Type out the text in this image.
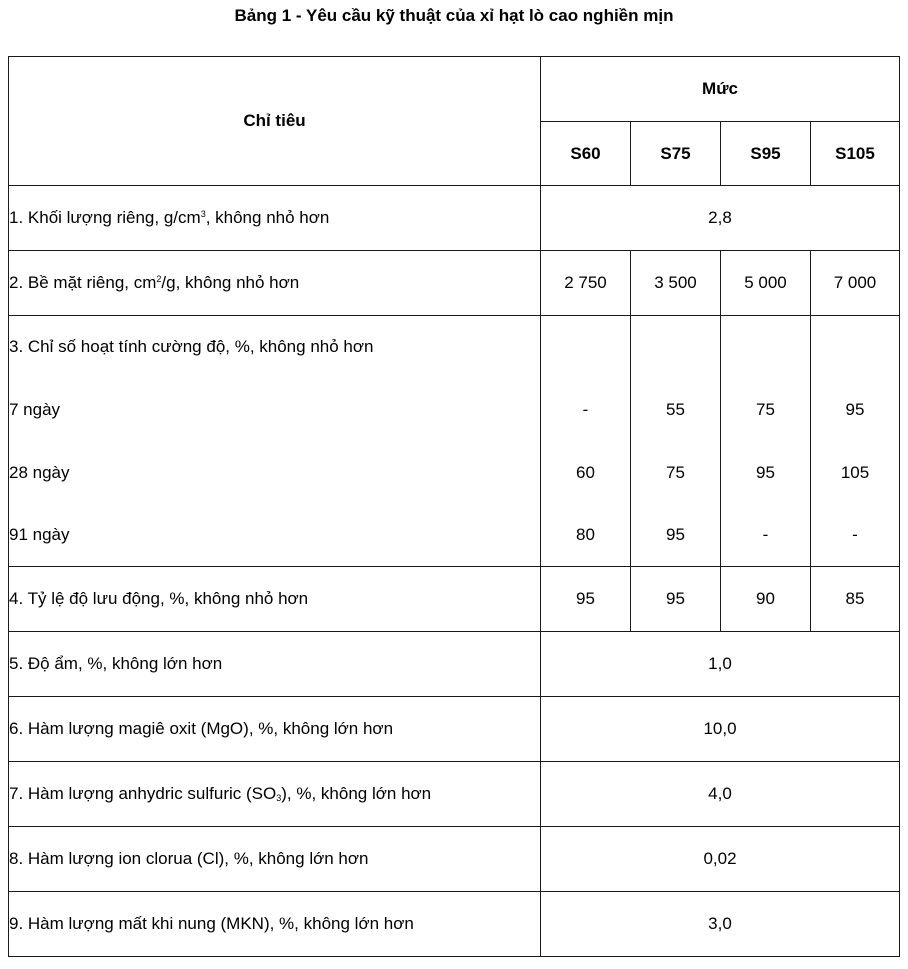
Bảng 1 - Yêu cầu kỹ thuật của xỉ hạt lò cao nghiền mịn
Chỉ tiêu	Mức			
	S60	S75	S95	S105
1. Khối lượng riêng, $g/cm^3$, không nhỏ hơn	2,8			
2. Bề mặt riêng, $cm^2/g$, không nhỏ hơn	2 750	3 500	5 000	7 000
3. Chỉ số hoạt tính cường độ, %, không nhỏ hơn				
7 ngày	-	55	75	95
28 ngày	60	75	95	105
91 ngày	80	95	-	-
4. Tỷ lệ độ lưu động, %, không nhỏ hơn	95	95	90	85
5. Độ ẩm, %, không lớn hơn	1,0			
6. Hàm lượng magiê oxit (MgO), %, không lớn hơn	10,0			
7. Hàm lượng anhydric sulfuric $(SO_3)$, %, không lớn hơn	4,0			
8. Hàm lượng ion clorua (Cl), %, không lớn hơn	0,02			
9. Hàm lượng mất khi nung (MKN), %, không lớn hơn	3,0			
